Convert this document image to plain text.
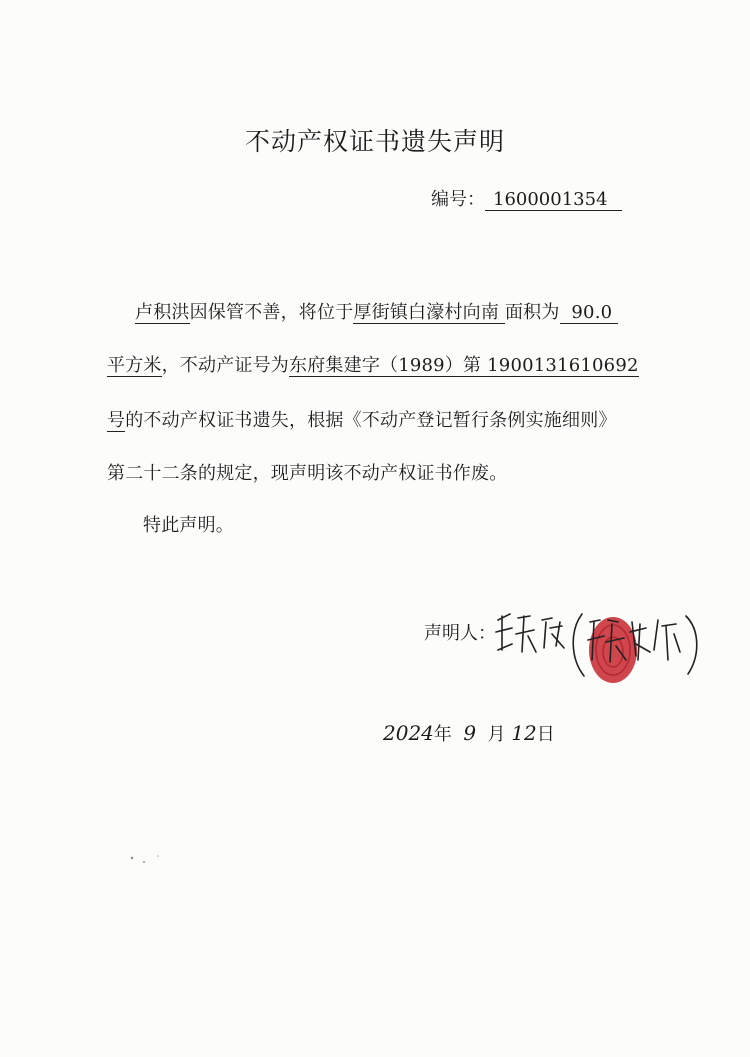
不动产权证书遗失声明
编号： 1600001354
卢积洪因保管不善，将位于厚街镇白濠村向南 面积为 90.0
平方米，不动产证号为东府集建字（1989）第 1900131610692
号的不动产权证书遗失，根据《不动产登记暂行条例实施细则》
第二十二条的规定，现声明该不动产权证书作废。
特此声明。
声明人：
2024年 9 月 12日
